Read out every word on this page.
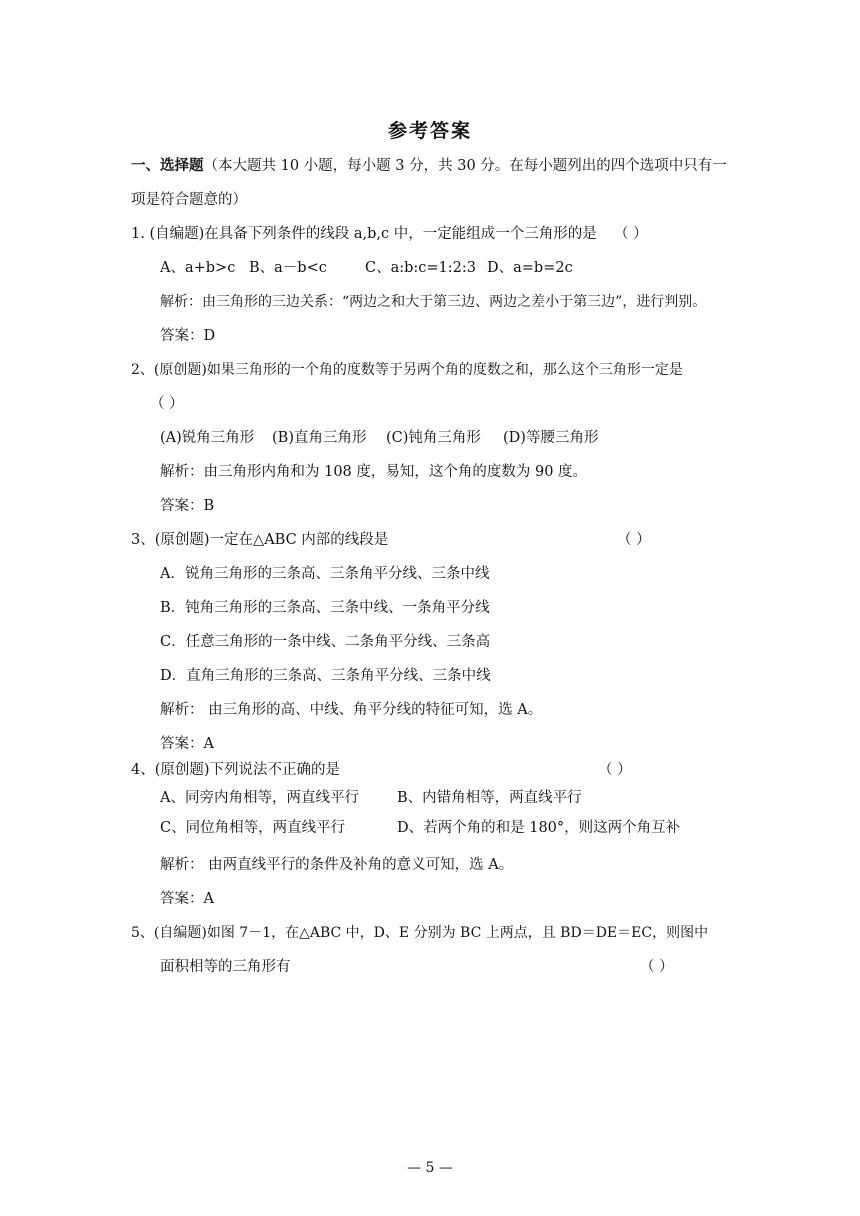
参考答案
一、选择题（本大题共 10 小题，每小题 3 分，共 30 分。在每小题列出的四个选项中只有一
项是符合题意的）
1. (自编题)在具备下列条件的线段 a,b,c 中，一定能组成一个三角形的是 （ ）
A、a+b>c B、a－b<c	C、a:b:c=1:2:3 D、a=b=2c
解析：由三角形的三边关系：“两边之和大于第三边、两边之差小于第三边”，进行判别。
答案：D
2、(原创题)如果三角形的一个角的度数等于另两个角的度数之和，那么这个三角形一定是
（ ）
(A)锐角三角形 (B)直角三角形 (C)钝角三角形 (D)等腰三角形
解析：由三角形内角和为 108 度，易知，这个角的度数为 90 度。
答案：B
3、(原创题)一定在△ABC 内部的线段是	（ ）
A．锐角三角形的三条高、三条角平分线、三条中线
B．钝角三角形的三条高、三条中线、一条角平分线
C．任意三角形的一条中线、二条角平分线、三条高
D．直角三角形的三条高、三条角平分线、三条中线
解析： 由三角形的高、中线、角平分线的特征可知，选 A。
答案：A
4、(原创题)下列说法不正确的是	（ ）
A、同旁内角相等，两直线平行	B、内错角相等，两直线平行
C、同位角相等，两直线平行	D、若两个角的和是 180°，则这两个角互补
解析： 由两直线平行的条件及补角的意义可知，选 A。
答案：A
5、(自编题)如图 7－1，在△ABC 中，D、E 分别为 BC 上两点，且 BD＝DE＝EC，则图中
面积相等的三角形有	（ ）
— 5 —
